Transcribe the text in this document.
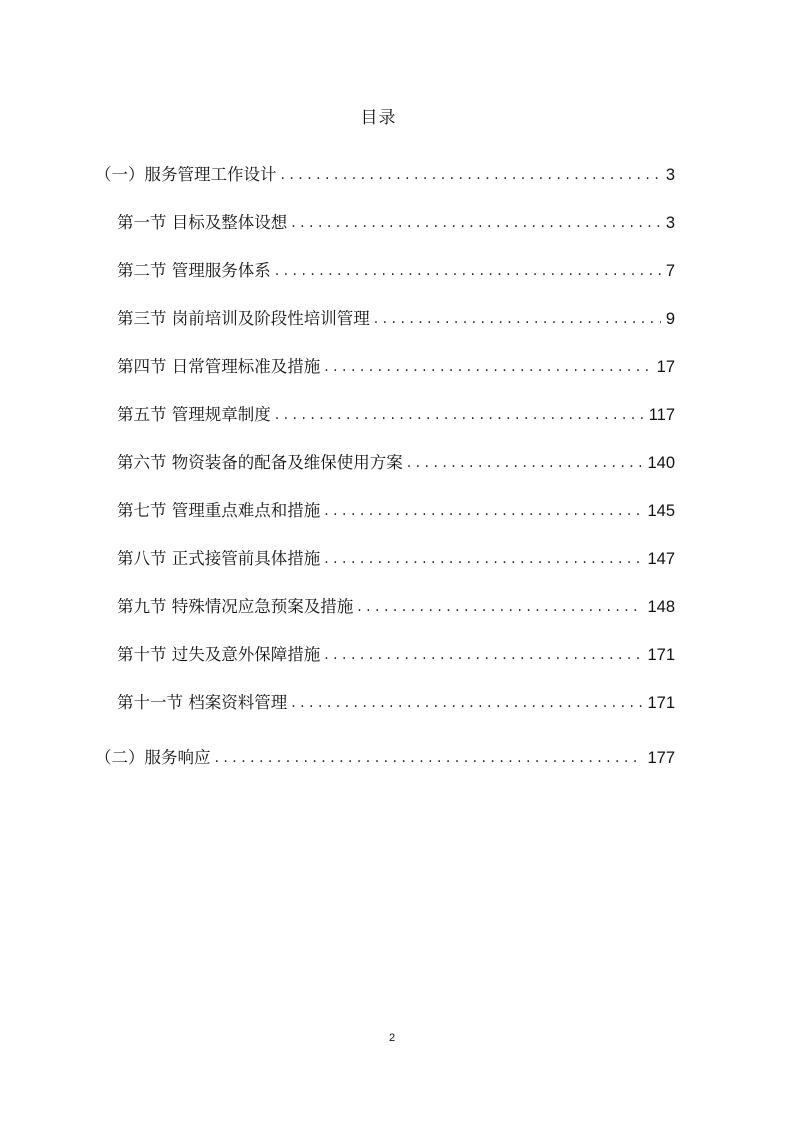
目录
（一）服务管理工作设计 . . .	3
第一节 目标及整体设想 . . .	3
第二节 管理服务体系 . . .	7
第三节 岗前培训及阶段性培训管理 . . .	9
第四节 日常管理标准及措施 . . .	17
第五节 管理规章制度 . . .	117
第六节 物资装备的配备及维保使用方案 . . .	140
第七节 管理重点难点和措施 . . .	145
第八节 正式接管前具体措施 . . .	147
第九节 特殊情况应急预案及措施 . . .	148
第十节 过失及意外保障措施 . . .	171
第十一节 档案资料管理 . . .	171
（二）服务响应 . . .	177
2
